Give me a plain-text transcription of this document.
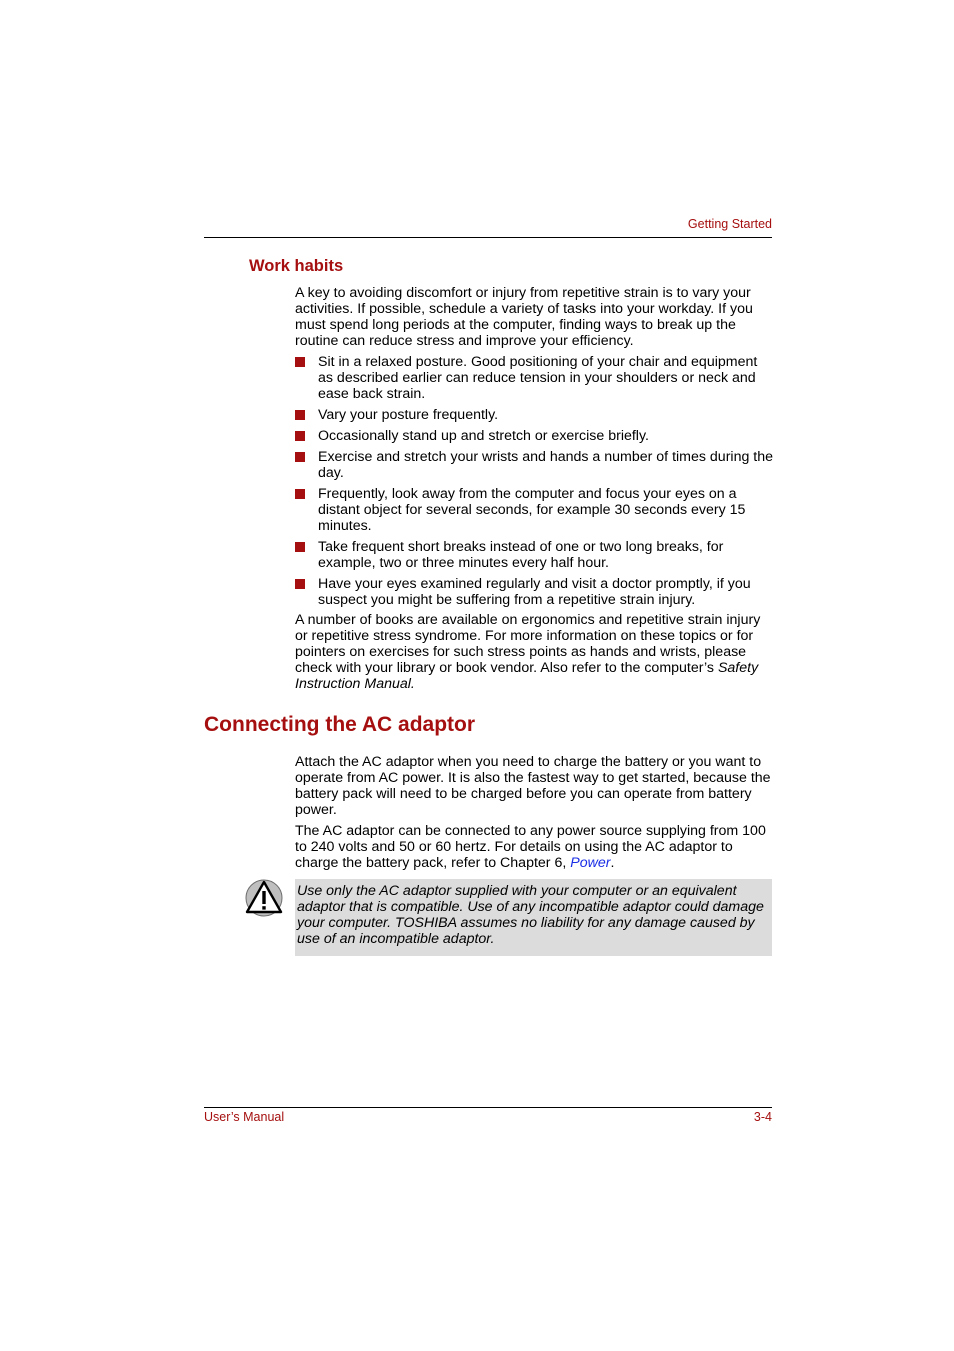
Getting Started
Work habits

A key to avoiding discomfort or injury from repetitive strain is to vary your activities. If possible, schedule a variety of tasks into your workday. If you must spend long periods at the computer, finding ways to break up the routine can reduce stress and improve your efficiency.

Sit in a relaxed posture. Good positioning of your chair and equipment as described earlier can reduce tension in your shoulders or neck and ease back strain.
Vary your posture frequently.
Occasionally stand up and stretch or exercise briefly.
Exercise and stretch your wrists and hands a number of times during the day.
Frequently, look away from the computer and focus your eyes on a distant object for several seconds, for example 30 seconds every 15 minutes.
Take frequent short breaks instead of one or two long breaks, for example, two or three minutes every half hour.
Have your eyes examined regularly and visit a doctor promptly, if you suspect you might be suffering from a repetitive strain injury.

A number of books are available on ergonomics and repetitive strain injury or repetitive stress syndrome. For more information on these topics or for pointers on exercises for such stress points as hands and wrists, please check with your library or book vendor. Also refer to the computer’s Safety Instruction Manual.

Connecting the AC adaptor

Attach the AC adaptor when you need to charge the battery or you want to operate from AC power. It is also the fastest way to get started, because the battery pack will need to be charged before you can operate from battery power.

The AC adaptor can be connected to any power source supplying from 100 to 240 volts and 50 or 60 hertz. For details on using the AC adaptor to charge the battery pack, refer to Chapter 6, Power.

Use only the AC adaptor supplied with your computer or an equivalent adaptor that is compatible. Use of any incompatible adaptor could damage your computer. TOSHIBA assumes no liability for any damage caused by use of an incompatible adaptor.

User’s Manual	3-4
